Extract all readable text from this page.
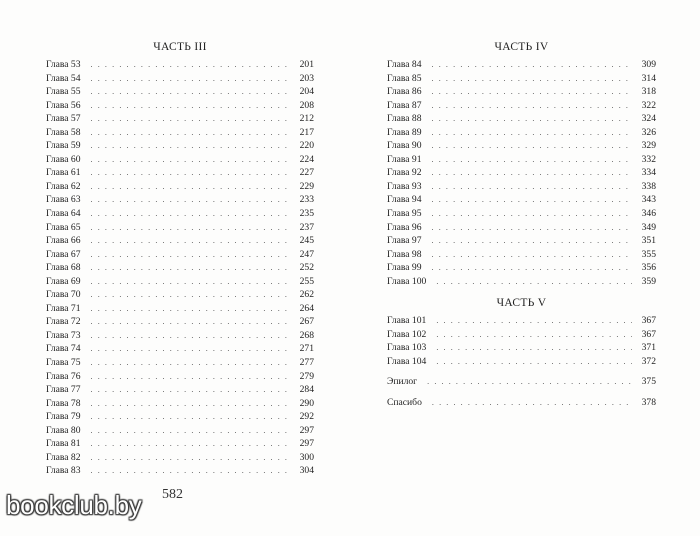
ЧАСТЬ III
Глава 53 . . .	201
Глава 54 . . .	203
Глава 55 . . .	204
Глава 56 . . .	208
Глава 57 . . .	212
Глава 58 . . .	217
Глава 59 . . .	220
Глава 60 . . .	224
Глава 61 . . .	227
Глава 62 . . .	229
Глава 63 . . .	233
Глава 64 . . .	235
Глава 65 . . .	237
Глава 66 . . .	245
Глава 67 . . .	247
Глава 68 . . .	252
Глава 69 . . .	255
Глава 70 . . .	262
Глава 71 . . .	264
Глава 72 . . .	267
Глава 73 . . .	268
Глава 74 . . .	271
Глава 75 . . .	277
Глава 76 . . .	279
Глава 77 . . .	284
Глава 78 . . .	290
Глава 79 . . .	292
Глава 80 . . .	297
Глава 81 . . .	297
Глава 82 . . .	300
Глава 83 . . .	304
ЧАСТЬ IV
Глава 84 . . .	309
Глава 85 . . .	314
Глава 86 . . .	318
Глава 87 . . .	322
Глава 88 . . .	324
Глава 89 . . .	326
Глава 90 . . .	329
Глава 91 . . .	332
Глава 92 . . .	334
Глава 93 . . .	338
Глава 94 . . .	343
Глава 95 . . .	346
Глава 96 . . .	349
Глава 97 . . .	351
Глава 98 . . .	355
Глава 99 . . .	356
Глава 100 . . .	359
ЧАСТЬ V
Глава 101 . . .	367
Глава 102 . . .	367
Глава 103 . . .	371
Глава 104 . . .	372
Эпилог . . .	375
Спасибо . . .	378
bookclub.by 582
